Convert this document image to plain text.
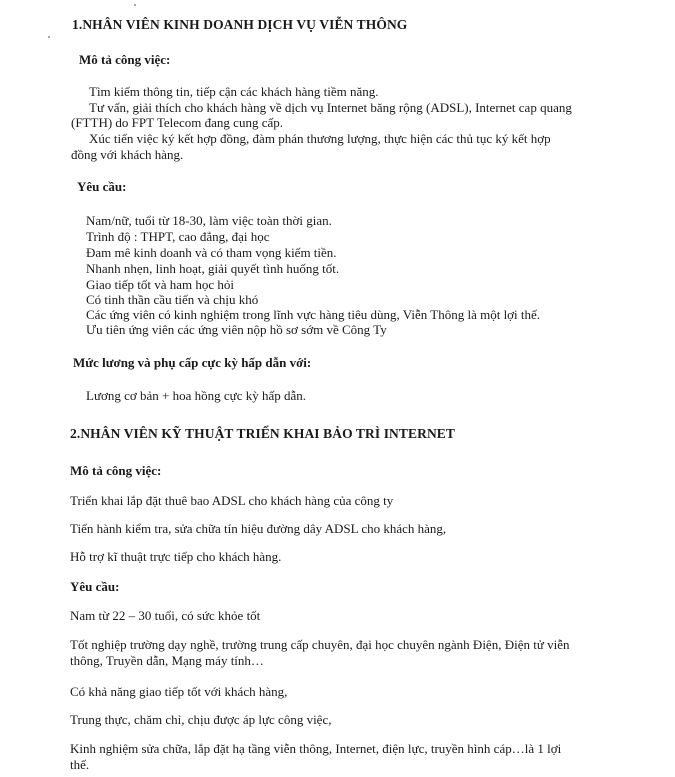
1.NHÂN VIÊN KINH DOANH DỊCH VỤ VIỄN THÔNG
Mô tả công việc:
Tìm kiếm thông tin, tiếp cận các khách hàng tiềm năng.
Tư vấn, giải thích cho khách hàng về dịch vụ Internet băng rộng (ADSL), Internet cap quang
(FTTH) do FPT Telecom đang cung cấp.
Xúc tiến việc ký kết hợp đồng, đàm phán thương lượng, thực hiện các thủ tục ký kết hợp
đồng với khách hàng.
Yêu cầu:
Nam/nữ, tuổi từ 18-30, làm việc toàn thời gian.
Trình độ : THPT, cao đẳng, đại học
Đam mê kinh doanh và có tham vọng kiếm tiền.
Nhanh nhẹn, linh hoạt, giải quyết tình huống tốt.
Giao tiếp tốt và ham học hỏi
Có tinh thần cầu tiến và chịu khó
Các ứng viên có kinh nghiệm trong lĩnh vực hàng tiêu dùng, Viễn Thông là một lợi thế.
Ưu tiên ứng viên các ứng viên nộp hồ sơ sớm về Công Ty
Mức lương và phụ cấp cực kỳ hấp dẫn với:
Lương cơ bản + hoa hồng cực kỳ hấp dẫn.
2.NHÂN VIÊN KỸ THUẬT TRIỂN KHAI BẢO TRÌ INTERNET
Mô tả công việc:
Triển khai lắp đặt thuê bao ADSL cho khách hàng của công ty
Tiến hành kiểm tra, sửa chữa tín hiệu đường dây ADSL cho khách hàng,
Hỗ trợ kĩ thuật trực tiếp cho khách hàng.
Yêu cầu:
Nam từ 22 – 30 tuổi, có sức khỏe tốt
Tốt nghiệp trường dạy nghề, trường trung cấp chuyên, đại học chuyên ngành Điện, Điện tử viễn
thông, Truyền dẫn, Mạng máy tính…
Có khả năng giao tiếp tốt với khách hàng,
Trung thực, chăm chỉ, chịu được áp lực công việc,
Kinh nghiệm sửa chữa, lắp đặt hạ tầng viễn thông, Internet, điện lực, truyền hình cáp…là 1 lợi
thế.
